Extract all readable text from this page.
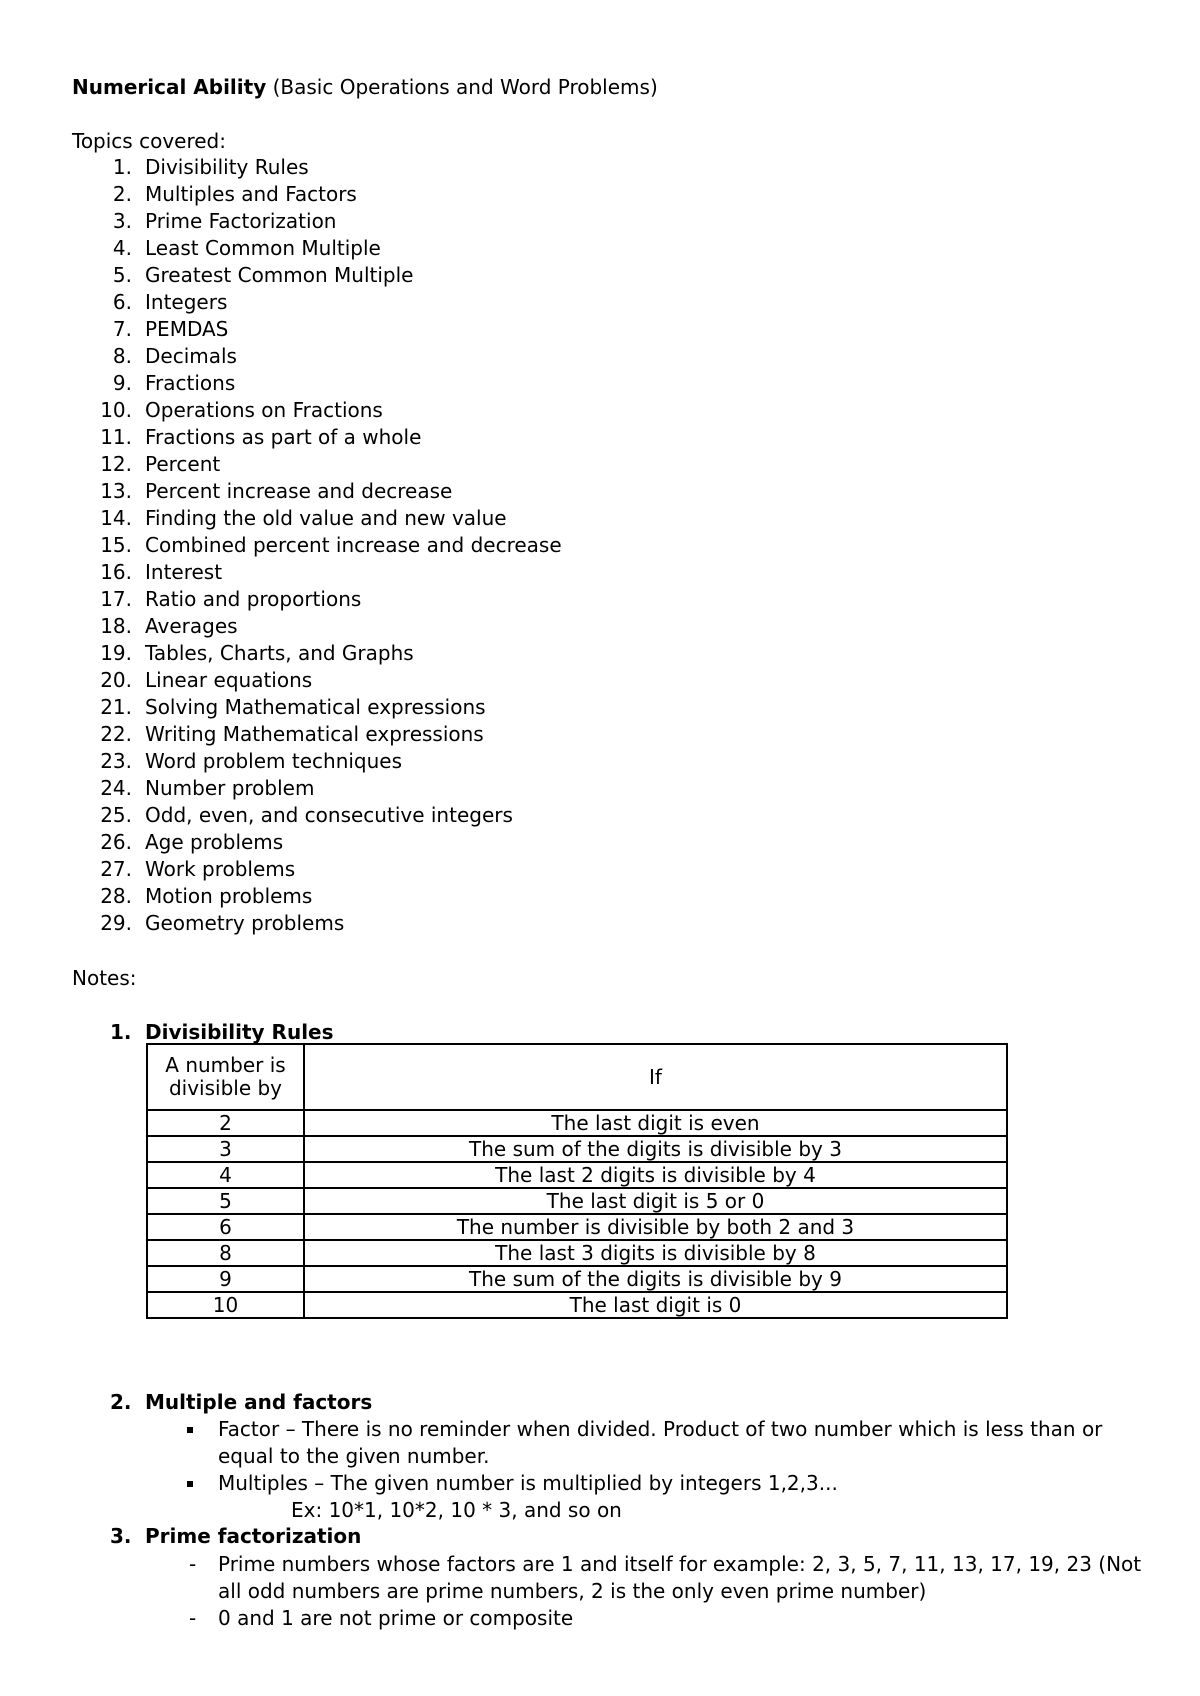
Numerical Ability (Basic Operations and Word Problems)
Topics covered:
1. Divisibility Rules
2. Multiples and Factors
3. Prime Factorization
4. Least Common Multiple
5. Greatest Common Multiple
6. Integers
7. PEMDAS
8. Decimals
9. Fractions
10. Operations on Fractions
11. Fractions as part of a whole
12. Percent
13. Percent increase and decrease
14. Finding the old value and new value
15. Combined percent increase and decrease
16. Interest
17. Ratio and proportions
18. Averages
19. Tables, Charts, and Graphs
20. Linear equations
21. Solving Mathematical expressions
22. Writing Mathematical expressions
23. Word problem techniques
24. Number problem
25. Odd, even, and consecutive integers
26. Age problems
27. Work problems
28. Motion problems
29. Geometry problems
Notes:
1. Divisibility Rules
A number is
divisible by	If
2	The last digit is even
3	The sum of the digits is divisible by 3
4	The last 2 digits is divisible by 4
5	The last digit is 5 or 0
6	The number is divisible by both 2 and 3
8	The last 3 digits is divisible by 8
9	The sum of the digits is divisible by 9
10	The last digit is 0
2. Multiple and factors
Factor – There is no reminder when divided. Product of two number which is less than or
equal to the given number.
Multiples – The given number is multiplied by integers 1,2,3...
Ex: 10*1, 10*2, 10 * 3, and so on
3. Prime factorization
- Prime numbers whose factors are 1 and itself for example: 2, 3, 5, 7, 11, 13, 17, 19, 23 (Not
all odd numbers are prime numbers, 2 is the only even prime number)
- 0 and 1 are not prime or composite
